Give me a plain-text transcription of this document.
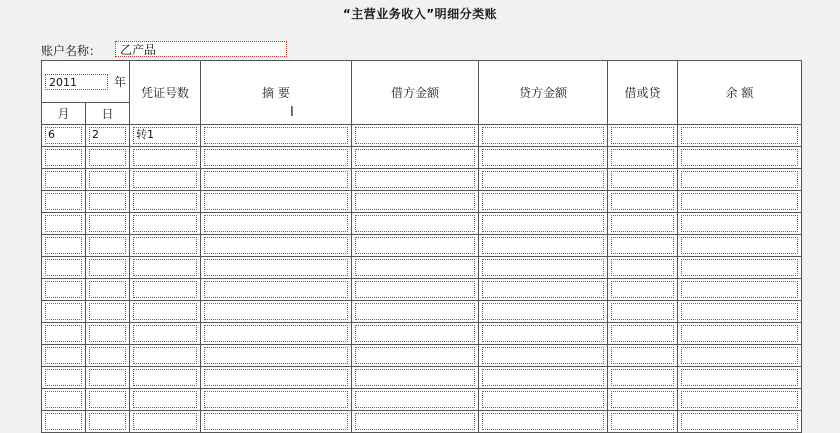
“主营业务收入”明细分类账
账户名称：	乙产品
2011 年		凭证号数	摘 要	借方金额	贷方金额	借或贷	余 额
月	日						

6	2	转1					

I
